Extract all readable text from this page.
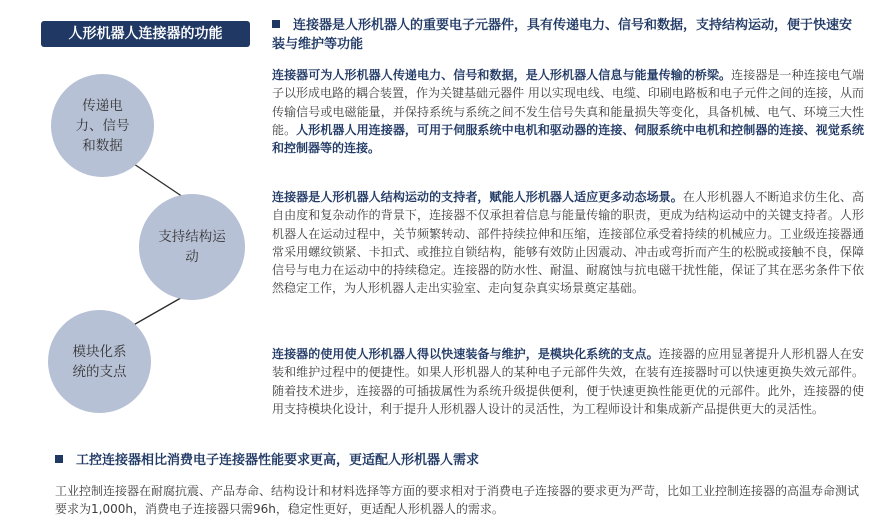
人形机器人连接器的功能
连接器是人形机器人的重要电子元器件，具有传递电力、信号和数据，支持结构运动，便于快速安装与维护等功能
传递电力、信号和数据
支持结构运动
模块化系统的支点
连接器可为人形机器人传递电力、信号和数据，是人形机器人信息与能量传输的桥梁。连接器是一种连接电气端子以形成电路的耦合装置，作为关键基础元器件 用以实现电线、电缆、印刷电路板和电子元件之间的连接，从而传输信号或电磁能量，并保持系统与系统之间不发生信号失真和能量损失等变化，具备机械、电气、环境三大性能。人形机器人用连接器，可用于伺服系统中电机和驱动器的连接、伺服系统中电机和控制器的连接、视觉系统和控制器等的连接。
连接器是人形机器人结构运动的支持者，赋能人形机器人适应更多动态场景。在人形机器人不断追求仿生化、高自由度和复杂动作的背景下，连接器不仅承担着信息与能量传输的职责，更成为结构运动中的关键支持者。人形机器人在运动过程中，关节频繁转动、部件持续拉伸和压缩，连接部位承受着持续的机械应力。工业级连接器通常采用螺纹锁紧、卡扣式、或推拉自锁结构，能够有效防止因震动、冲击或弯折而产生的松脱或接触不良，保障信号与电力在运动中的持续稳定。连接器的防水性、耐温、耐腐蚀与抗电磁干扰性能，保证了其在恶劣条件下依然稳定工作，为人形机器人走出实验室、走向复杂真实场景奠定基础。
连接器的使用使人形机器人得以快速装备与维护，是模块化系统的支点。连接器的应用显著提升人形机器人在安装和维护过程中的便捷性。如果人形机器人的某种电子元部件失效，在装有连接器时可以快速更换失效元部件。随着技术进步，连接器的可插拔属性为系统升级提供便利，便于快速更换性能更优的元部件。此外，连接器的使用支持模块化设计，利于提升人形机器人设计的灵活性，为工程师设计和集成新产品提供更大的灵活性。
工控连接器相比消费电子连接器性能要求更高，更适配人形机器人需求
工业控制连接器在耐腐抗震、产品寿命、结构设计和材料选择等方面的要求相对于消费电子连接器的要求更为严苛，比如工业控制连接器的高温寿命测试要求为1,000h，消费电子连接器只需96h，稳定性更好，更适配人形机器人的需求。
